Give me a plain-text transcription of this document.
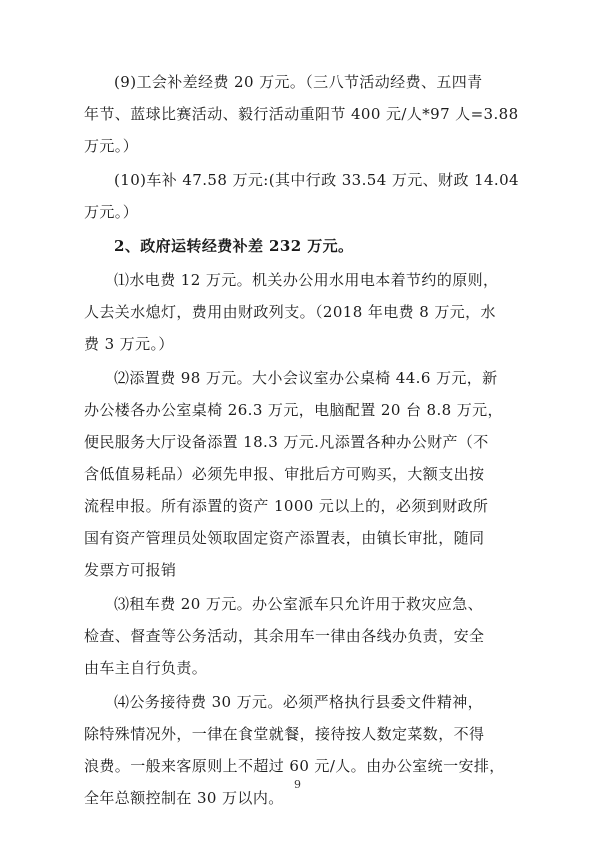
(9)工会补差经费 20 万元。（三八节活动经费、五四青
年节、蓝球比赛活动、毅行活动重阳节 400 元/人*97 人=3.88
万元。）
(10)车补 47.58 万元:(其中行政 33.54 万元、财政 14.04
万元。）
2、政府运转经费补差 232 万元。
⑴水电费 12 万元。机关办公用水用电本着节约的原则，
人去关水熄灯，费用由财政列支。（2018 年电费 8 万元，水
费 3 万元。）
⑵添置费 98 万元。大小会议室办公桌椅 44.6 万元，新
办公楼各办公室桌椅 26.3 万元，电脑配置 20 台 8.8 万元，
便民服务大厅设备添置 18.3 万元.凡添置各种办公财产（不
含低值易耗品）必须先申报、审批后方可购买，大额支出按
流程申报。所有添置的资产 1000 元以上的，必须到财政所
国有资产管理员处领取固定资产添置表，由镇长审批，随同
发票方可报销
⑶租车费 20 万元。办公室派车只允许用于救灾应急、
检查、督查等公务活动，其余用车一律由各线办负责，安全
由车主自行负责。
⑷公务接待费 30 万元。必须严格执行县委文件精神，
除特殊情况外，一律在食堂就餐，接待按人数定菜数，不得
浪费。一般来客原则上不超过 60 元/人。由办公室统一安排，
全年总额控制在 30 万以内。
9
